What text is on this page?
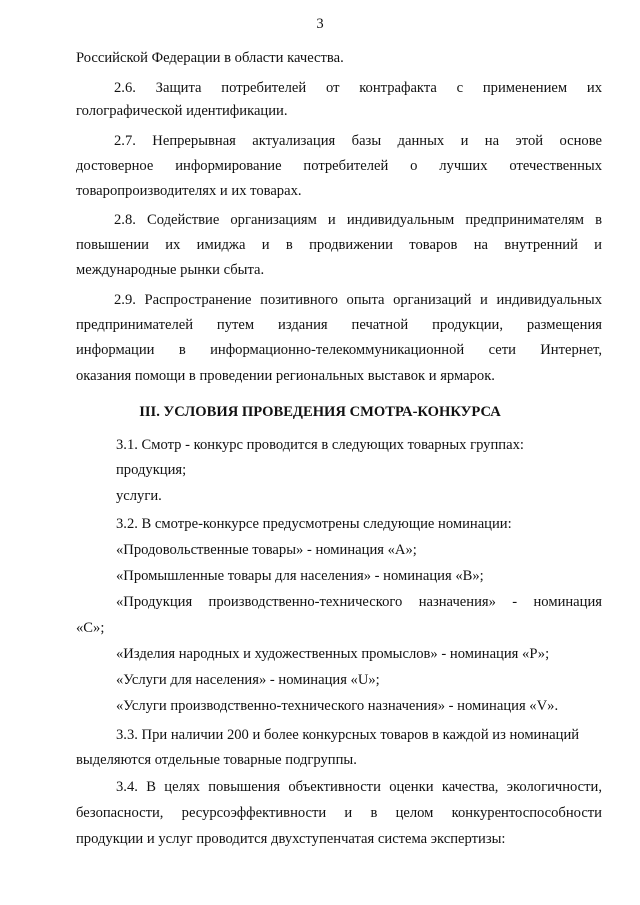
3
Российской Федерации в области качества.
2.6. Защита потребителей от контрафакта с применением их
голографической идентификации.
2.7. Непрерывная актуализация базы данных и на этой основе
достоверное информирование потребителей о лучших отечественных
товаропроизводителях и их товарах.
2.8. Содействие организациям и индивидуальным предпринимателям в
повышении их имиджа и в продвижении товаров на внутренний и
международные рынки сбыта.
2.9. Распространение позитивного опыта организаций и индивидуальных
предпринимателей путем издания печатной продукции, размещения
информации в информационно-телекоммуникационной сети Интернет,
оказания помощи в проведении региональных выставок и ярмарок.
III. УСЛОВИЯ ПРОВЕДЕНИЯ СМОТРА-КОНКУРСА
3.1. Смотр - конкурс проводится в следующих товарных группах:
продукция;
услуги.
3.2. В смотре-конкурсе предусмотрены следующие номинации:
«Продовольственные товары» - номинация «А»;
«Промышленные товары для населения» - номинация «В»;
«Продукция производственно-технического назначения» - номинация
«С»;
«Изделия народных и художественных промыслов» - номинация «Р»;
«Услуги для населения» - номинация «U»;
«Услуги производственно-технического назначения» - номинация «V».
3.3. При наличии 200 и более конкурсных товаров в каждой из номинаций
выделяются отдельные товарные подгруппы.
3.4. В целях повышения объективности оценки качества, экологичности,
безопасности, ресурсоэффективности и в целом конкурентоспособности
продукции и услуг проводится двухступенчатая система экспертизы:
